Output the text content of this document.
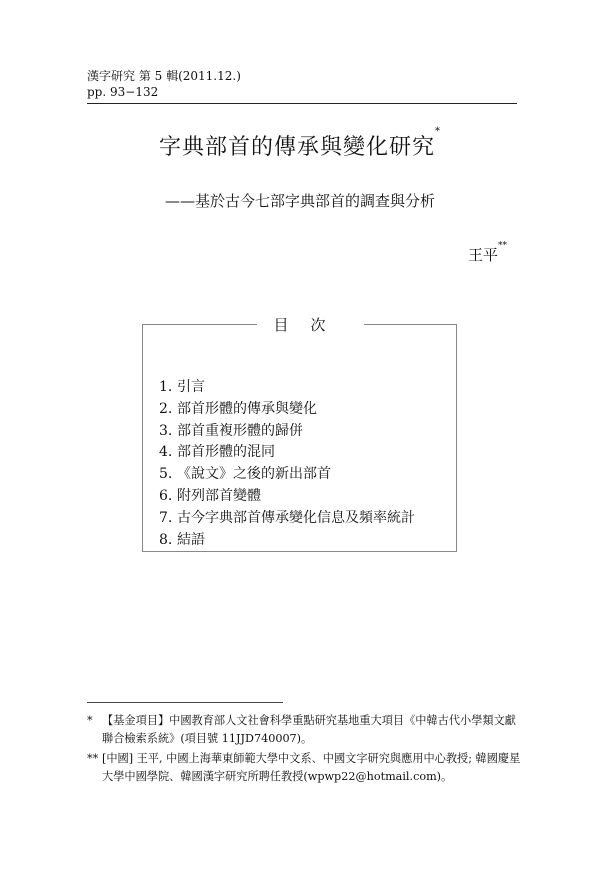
漢字研究 第 5 輯(2011.12.)
pp. 93−132
字典部首的傳承與變化研究*
——基於古今七部字典部首的調查與分析
王平**
目次
1. 引言
2. 部首形體的傳承與變化
3. 部首重複形體的歸併
4. 部首形體的混同
5. 《說文》之後的新出部首
6. 附列部首變體
7. 古今字典部首傳承變化信息及頻率統計
8. 結語
* 【基金項目】中國教育部人文社會科學重點研究基地重大項目《中韓古代小學類文獻聯合檢索系統》(項目號 11JJD740007)。
** [中國] 王平, 中國上海華東師範大學中文系、中國文字研究與應用中心教授; 韓國慶星大學中國學院、韓國漢字研究所聘任教授(wpwp22@hotmail.com)。
